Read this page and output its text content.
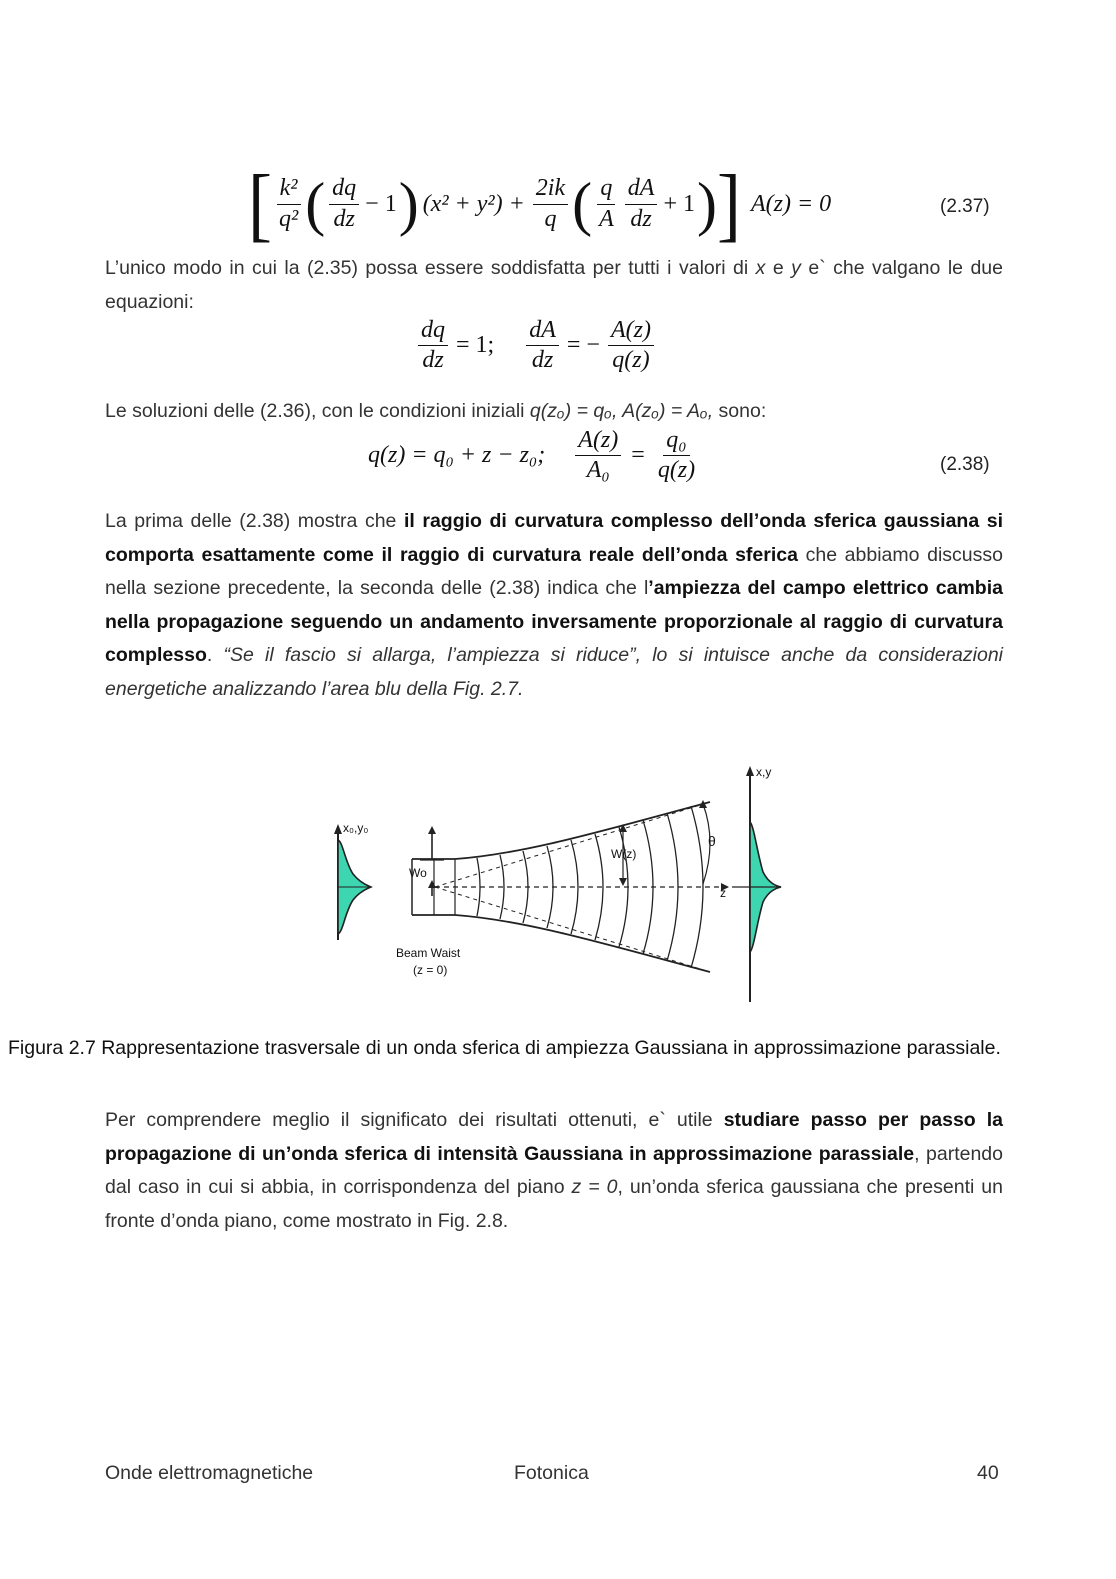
[ $\frac{\text{k²}}{\text{q²}}$ ( $\frac{dq}{dz} - 1$ ) $(x^2 + y^2) + \frac{2ik}{q}$ ( $\frac{q}{A} \frac{dA}{dz} + 1$ ) ] A(z) = 0	(2.37)
L’unico modo in cui la (2.35) possa essere soddisfatta per tutti i valori di x e y e` che valgano le due equazioni:
$\frac{dq}{dz} = 1$; $\frac{dA}{dz}$ = − $\frac{A(z)}{q(z)}$
Le soluzioni delle (2.36), con le condizioni iniziali q(zₒ) = qₒ, A(zₒ) = Aₒ, sono:
q(z) = q₀ + z − z₀; $\frac{A(z)}{\text{A₀}} = \frac{\text{q₀}}{q(z)}$	(2.38)
La prima delle (2.38) mostra che il raggio di curvatura complesso dell’onda sferica gaussiana si comporta esattamente come il raggio di curvatura reale dell’onda sferica che abbiamo discusso nella sezione precedente, la seconda delle (2.38) indica che l’ampiezza del campo elettrico cambia nella propagazione seguendo un andamento inversamente proporzionale al raggio di curvatura complesso. “Se il fascio si allarga, l’ampiezza si riduce”, lo si intuisce anche da considerazioni energetiche analizzando l’area blu della Fig. 2.7.
x₀,y₀
Wo
W(z)
θ
z
x,y
Beam Waist
(z = 0)
Figura 2.7 Rappresentazione trasversale di un onda sferica di ampiezza Gaussiana in approssimazione parassiale.
Per comprendere meglio il significato dei risultati ottenuti, e` utile studiare passo per passo la propagazione di un’onda sferica di intensità Gaussiana in approssimazione parassiale, partendo dal caso in cui si abbia, in corrispondenza del piano z = 0, un’onda sferica gaussiana che presenti un fronte d’onda piano, come mostrato in Fig. 2.8.
Onde elettromagnetiche	Fotonica	40
